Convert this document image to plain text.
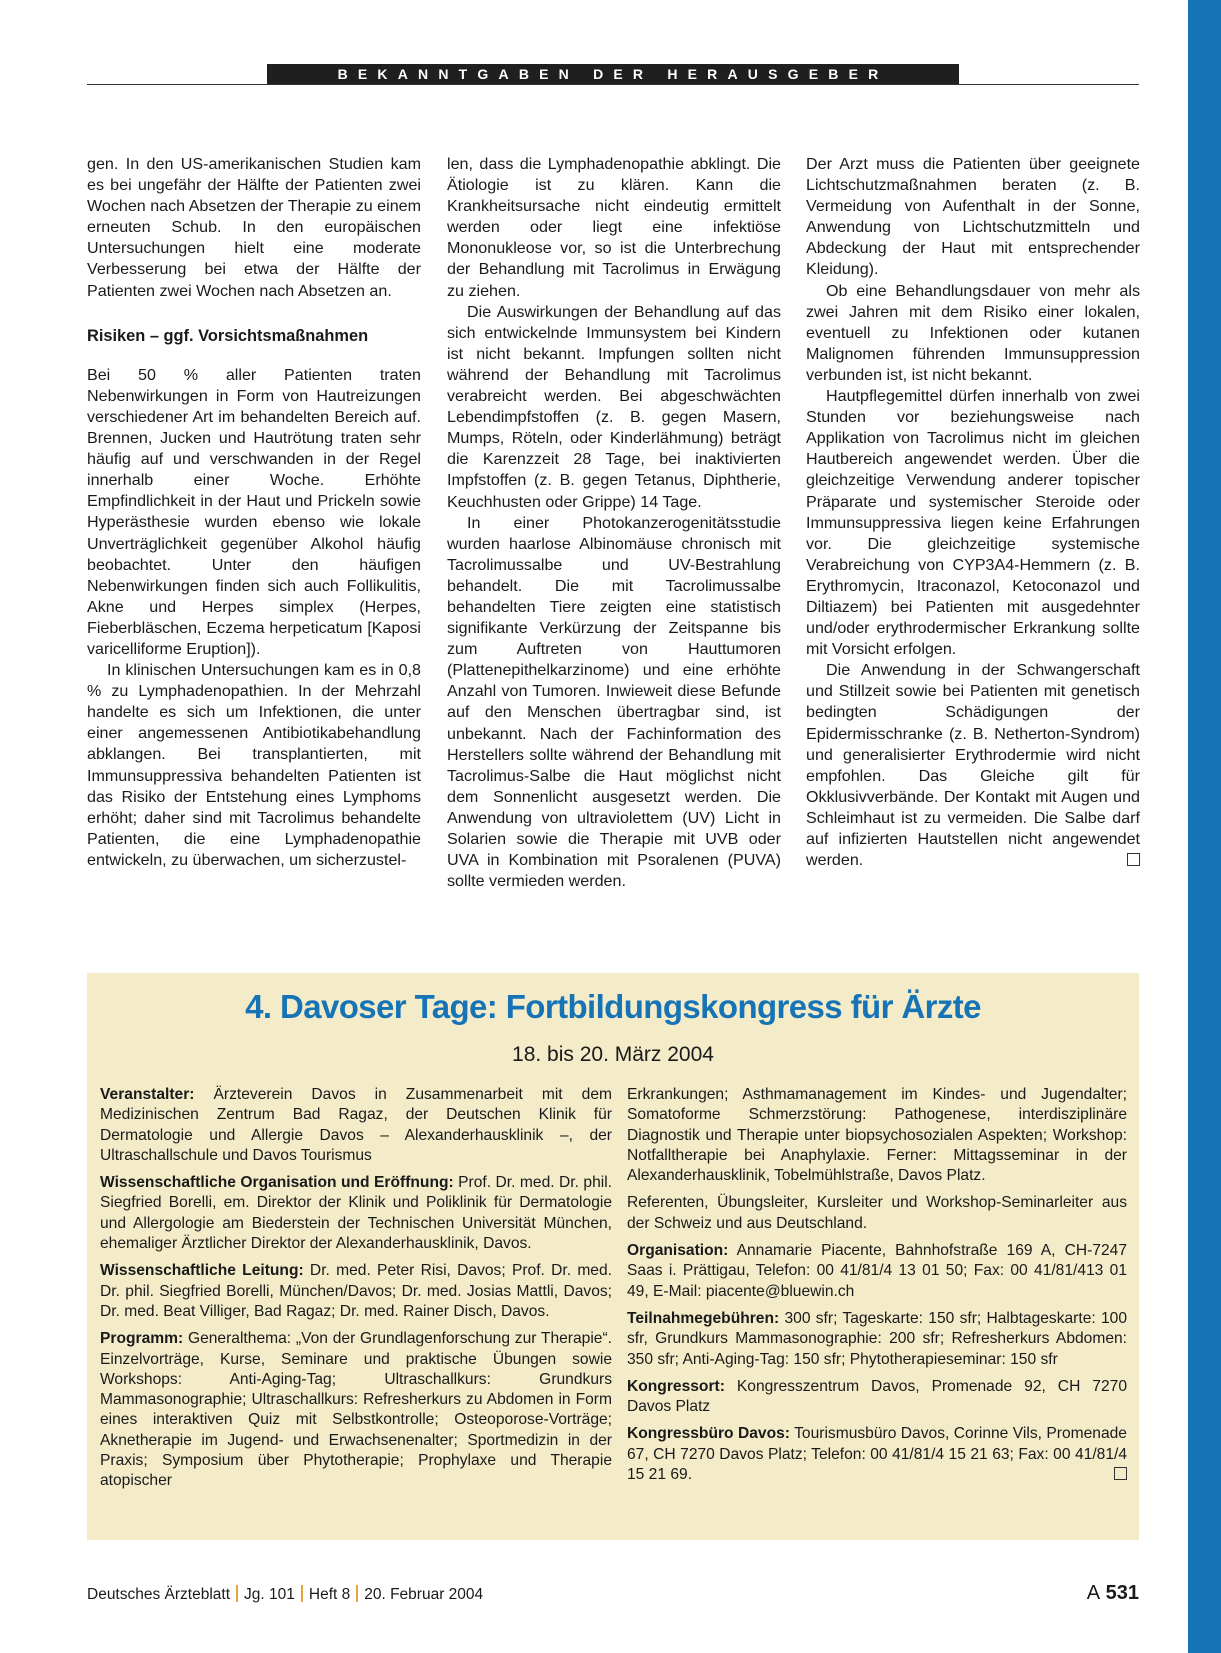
BEKANNTGABEN DER HERAUSGEBER

gen. In den US-amerikanischen Studien kam es bei ungefähr der Hälfte der Patienten zwei Wochen nach Absetzen der Therapie zu einem erneuten Schub. In den europäischen Untersuchungen hielt eine moderate Verbesserung bei etwa der Hälfte der Patienten zwei Wochen nach Absetzen an.

Risiken – ggf. Vorsichtsmaßnahmen

Bei 50 % aller Patienten traten Nebenwirkungen in Form von Hautreizungen verschiedener Art im behandelten Bereich auf. Brennen, Jucken und Hautrötung traten sehr häufig auf und verschwanden in der Regel innerhalb einer Woche. Erhöhte Empfindlichkeit in der Haut und Prickeln sowie Hyperästhesie wurden ebenso wie lokale Unverträglichkeit gegenüber Alkohol häufig beobachtet. Unter den häufigen Nebenwirkungen finden sich auch Follikulitis, Akne und Herpes simplex (Herpes, Fieberbläschen, Eczema herpeticatum [Kaposi varicelliforme Eruption]).

In klinischen Untersuchungen kam es in 0,8 % zu Lymphadenopathien. In der Mehrzahl handelte es sich um Infektionen, die unter einer angemessenen Antibiotikabehandlung abklangen. Bei transplantierten, mit Immunsuppressiva behandelten Patienten ist das Risiko der Entstehung eines Lymphoms erhöht; daher sind mit Tacrolimus behandelte Patienten, die eine Lymphadenopathie entwickeln, zu überwachen, um sicherzustel-

len, dass die Lymphadenopathie abklingt. Die Ätiologie ist zu klären. Kann die Krankheitsursache nicht eindeutig ermittelt werden oder liegt eine infektiöse Mononukleose vor, so ist die Unterbrechung der Behandlung mit Tacrolimus in Erwägung zu ziehen.

Die Auswirkungen der Behandlung auf das sich entwickelnde Immunsystem bei Kindern ist nicht bekannt. Impfungen sollten nicht während der Behandlung mit Tacrolimus verabreicht werden. Bei abgeschwächten Lebendimpfstoffen (z. B. gegen Masern, Mumps, Röteln, oder Kinderlähmung) beträgt die Karenzzeit 28 Tage, bei inaktivierten Impfstoffen (z. B. gegen Tetanus, Diphtherie, Keuchhusten oder Grippe) 14 Tage.

In einer Photokanzerogenitätsstudie wurden haarlose Albinomäuse chronisch mit Tacrolimussalbe und UV-Bestrahlung behandelt. Die mit Tacrolimussalbe behandelten Tiere zeigten eine statistisch signifikante Verkürzung der Zeitspanne bis zum Auftreten von Hauttumoren (Plattenepithelkarzinome) und eine erhöhte Anzahl von Tumoren. Inwieweit diese Befunde auf den Menschen übertragbar sind, ist unbekannt. Nach der Fachinformation des Herstellers sollte während der Behandlung mit Tacrolimus-Salbe die Haut möglichst nicht dem Sonnenlicht ausgesetzt werden. Die Anwendung von ultraviolettem (UV) Licht in Solarien sowie die Therapie mit UVB oder UVA in Kombination mit Psoralenen (PUVA) sollte vermieden werden.

Der Arzt muss die Patienten über geeignete Lichtschutzmaßnahmen beraten (z. B. Vermeidung von Aufenthalt in der Sonne, Anwendung von Lichtschutzmitteln und Abdeckung der Haut mit entsprechender Kleidung).

Ob eine Behandlungsdauer von mehr als zwei Jahren mit dem Risiko einer lokalen, eventuell zu Infektionen oder kutanen Malignomen führenden Immunsuppression verbunden ist, ist nicht bekannt.

Hautpflegemittel dürfen innerhalb von zwei Stunden vor beziehungsweise nach Applikation von Tacrolimus nicht im gleichen Hautbereich angewendet werden. Über die gleichzeitige Verwendung anderer topischer Präparate und systemischer Steroide oder Immunsuppressiva liegen keine Erfahrungen vor. Die gleichzeitige systemische Verabreichung von CYP3A4-Hemmern (z. B. Erythromycin, Itraconazol, Ketoconazol und Diltiazem) bei Patienten mit ausgedehnter und/oder erythrodermischer Erkrankung sollte mit Vorsicht erfolgen.

Die Anwendung in der Schwangerschaft und Stillzeit sowie bei Patienten mit genetisch bedingten Schädigungen der Epidermisschranke (z. B. Netherton-Syndrom) und generalisierter Erythrodermie wird nicht empfohlen. Das Gleiche gilt für Okklusivverbände. Der Kontakt mit Augen und Schleimhaut ist zu vermeiden. Die Salbe darf auf infizierten Hautstellen nicht angewendet werden.

4. Davoser Tage: Fortbildungskongress für Ärzte
18. bis 20. März 2004

Veranstalter: Ärzteverein Davos in Zusammenarbeit mit dem Medizinischen Zentrum Bad Ragaz, der Deutschen Klinik für Dermatologie und Allergie Davos – Alexanderhausklinik –, der Ultraschallschule und Davos Tourismus

Wissenschaftliche Organisation und Eröffnung: Prof. Dr. med. Dr. phil. Siegfried Borelli, em. Direktor der Klinik und Poliklinik für Dermatologie und Allergologie am Biederstein der Technischen Universität München, ehemaliger Ärztlicher Direktor der Alexanderhausklinik, Davos.

Wissenschaftliche Leitung: Dr. med. Peter Risi, Davos; Prof. Dr. med. Dr. phil. Siegfried Borelli, München/Davos; Dr. med. Josias Mattli, Davos; Dr. med. Beat Villiger, Bad Ragaz; Dr. med. Rainer Disch, Davos.

Programm: Generalthema: „Von der Grundlagenforschung zur Therapie“. Einzelvorträge, Kurse, Seminare und praktische Übungen sowie Workshops: Anti-Aging-Tag; Ultraschallkurs: Grundkurs Mammasonographie; Ultraschallkurs: Refresherkurs zu Abdomen in Form eines interaktiven Quiz mit Selbstkontrolle; Osteoporose-Vorträge; Aknetherapie im Jugend- und Erwachsenenalter; Sportmedizin in der Praxis; Symposium über Phytotherapie; Prophylaxe und Therapie atopischer

Erkrankungen; Asthmamanagement im Kindes- und Jugendalter; Somatoforme Schmerzstörung: Pathogenese, interdisziplinäre Diagnostik und Therapie unter biopsychosozialen Aspekten; Workshop: Notfalltherapie bei Anaphylaxie. Ferner: Mittagsseminar in der Alexanderhausklinik, Tobelmühlstraße, Davos Platz.

Referenten, Übungsleiter, Kursleiter und Workshop-Seminarleiter aus der Schweiz und aus Deutschland.

Organisation: Annamarie Piacente, Bahnhofstraße 169 A, CH-7247 Saas i. Prättigau, Telefon: 00 41/81/4 13 01 50; Fax: 00 41/81/413 01 49, E-Mail: piacente@bluewin.ch

Teilnahmegebühren: 300 sfr; Tageskarte: 150 sfr; Halbtageskarte: 100 sfr, Grundkurs Mammasonographie: 200 sfr; Refresherkurs Abdomen: 350 sfr; Anti-Aging-Tag: 150 sfr; Phytotherapieseminar: 150 sfr

Kongressort: Kongresszentrum Davos, Promenade 92, CH 7270 Davos Platz

Kongressbüro Davos: Tourismusbüro Davos, Corinne Vils, Promenade 67, CH 7270 Davos Platz; Telefon: 00 41/81/4 15 21 63; Fax: 00 41/81/4 15 21 69.

Deutsches Ärzteblatt Jg. 101 Heft 8 20. Februar 2004	A 531
